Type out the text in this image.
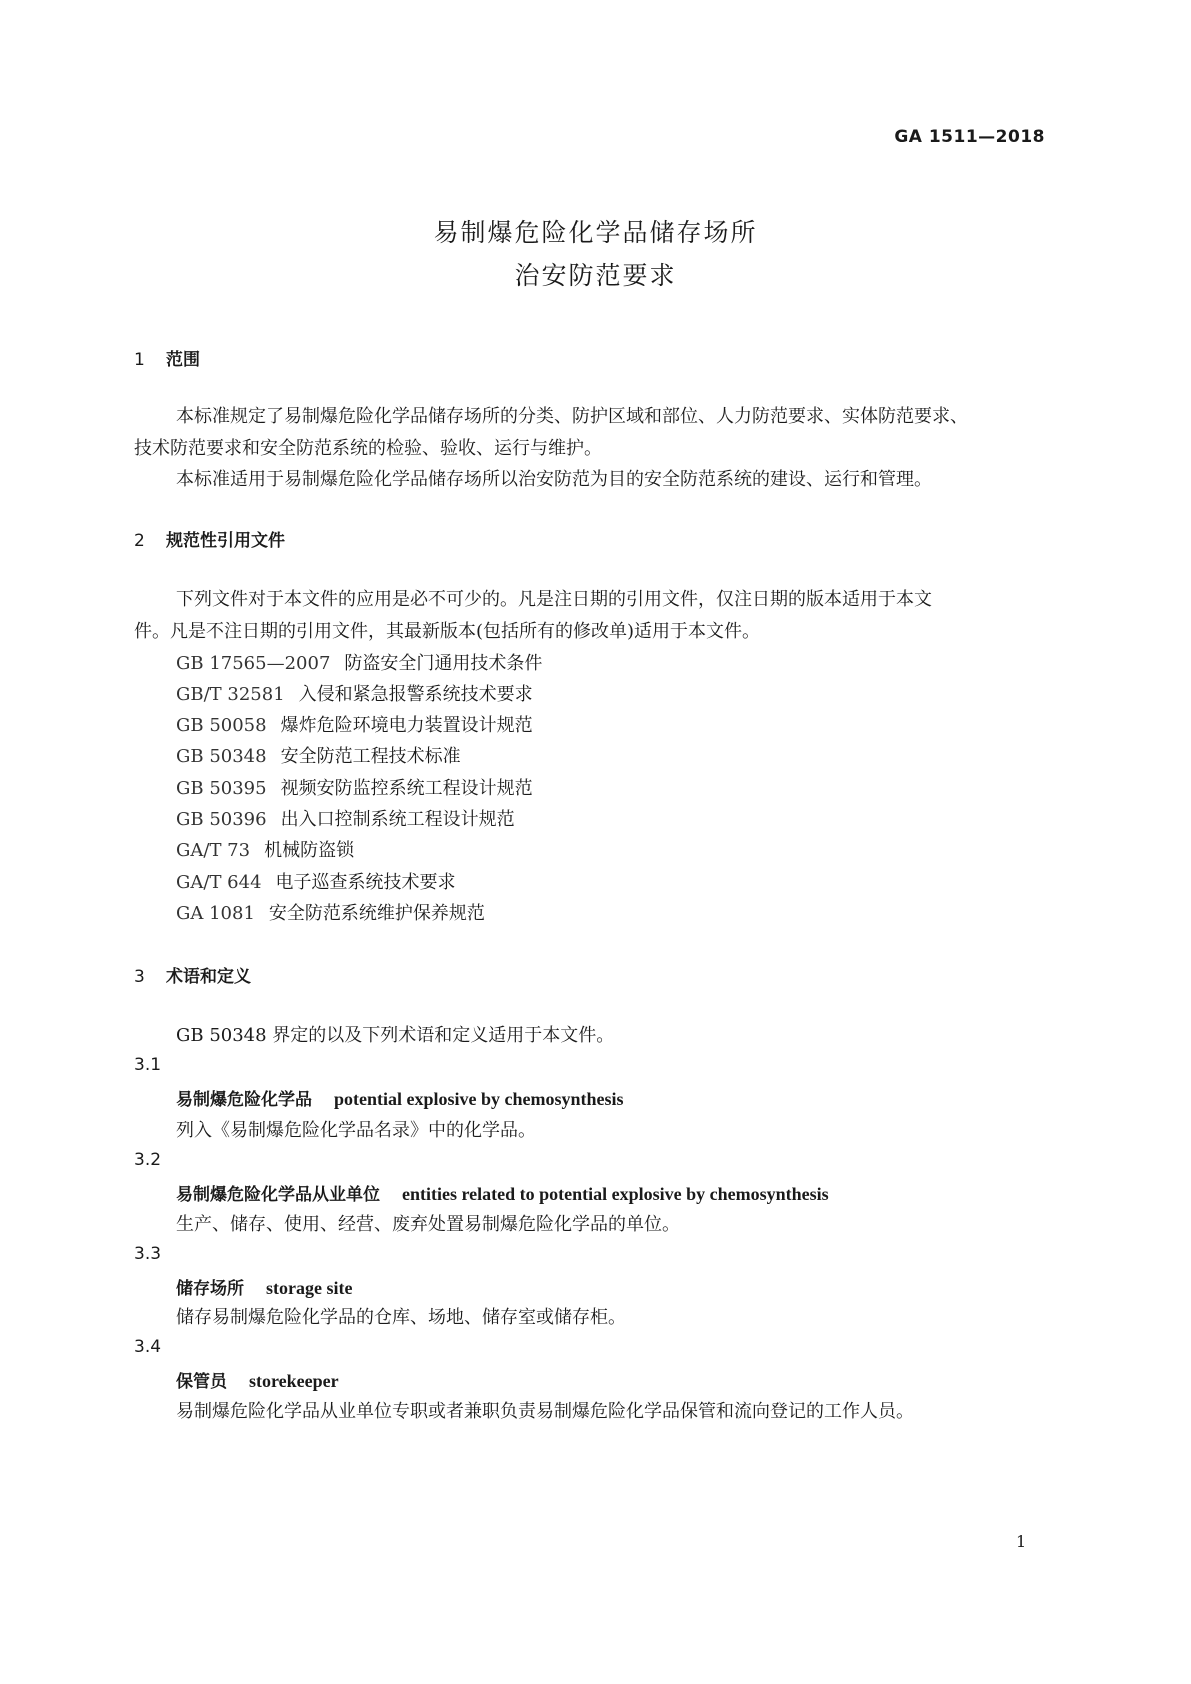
GA 1511—2018
易制爆危险化学品储存场所
治安防范要求
1 范围
本标准规定了易制爆危险化学品储存场所的分类、防护区域和部位、人力防范要求、实体防范要求、
技术防范要求和安全防范系统的检验、验收、运行与维护。
本标准适用于易制爆危险化学品储存场所以治安防范为目的安全防范系统的建设、运行和管理。
2 规范性引用文件
下列文件对于本文件的应用是必不可少的。凡是注日期的引用文件，仅注日期的版本适用于本文
件。凡是不注日期的引用文件，其最新版本(包括所有的修改单)适用于本文件。
GB 17565—2007 防盗安全门通用技术条件
GB/T 32581 入侵和紧急报警系统技术要求
GB 50058 爆炸危险环境电力装置设计规范
GB 50348 安全防范工程技术标准
GB 50395 视频安防监控系统工程设计规范
GB 50396 出入口控制系统工程设计规范
GA/T 73 机械防盗锁
GA/T 644 电子巡查系统技术要求
GA 1081 安全防范系统维护保养规范
3 术语和定义
GB 50348 界定的以及下列术语和定义适用于本文件。
3.1
易制爆危险化学品 potential explosive by chemosynthesis
列入《易制爆危险化学品名录》中的化学品。
3.2
易制爆危险化学品从业单位 entities related to potential explosive by chemosynthesis
生产、储存、使用、经营、废弃处置易制爆危险化学品的单位。
3.3
储存场所 storage site
储存易制爆危险化学品的仓库、场地、储存室或储存柜。
3.4
保管员 storekeeper
易制爆危险化学品从业单位专职或者兼职负责易制爆危险化学品保管和流向登记的工作人员。
1
